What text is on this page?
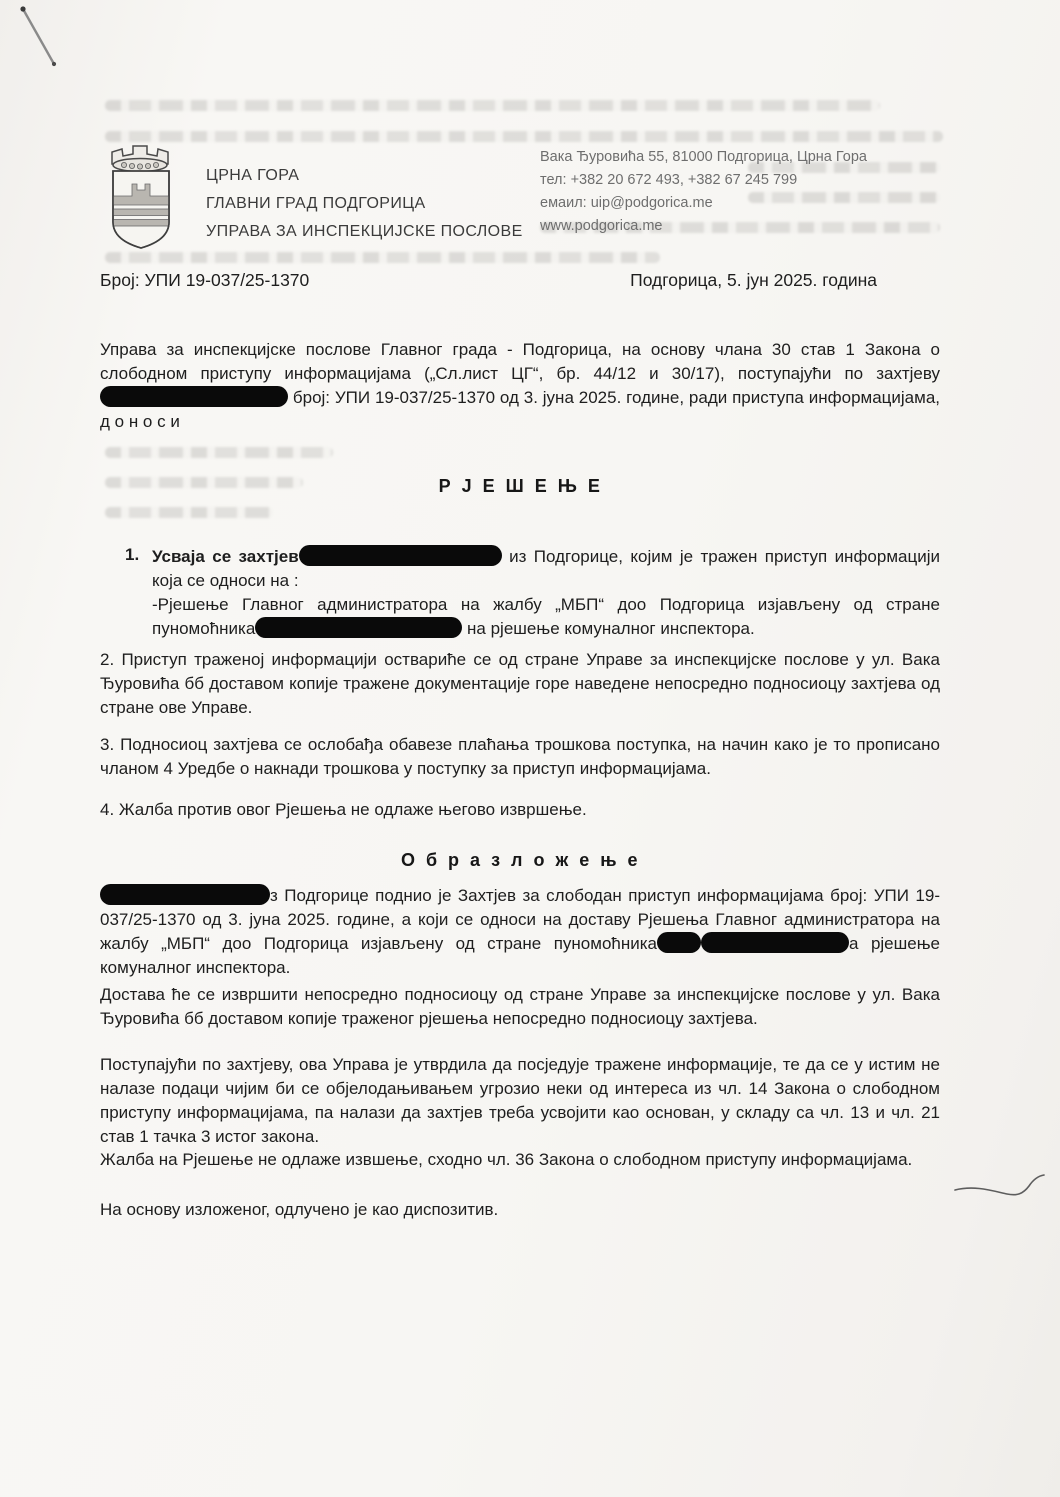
ЦРНА ГОРА
ГЛАВНИ ГРАД ПОДГОРИЦА
УПРАВА ЗА ИНСПЕКЦИЈСКЕ ПОСЛОВЕ
Вака Ђуровића 55, 81000 Подгорица, Црна Гора
тел: +382 20 672 493, +382 67 245 799
емаил: uip@podgorica.me
www.podgorica.me
Број: УПИ 19-037/25-1370	Подгорица, 5. јун 2025. година

Управа за инспекцијске послове Главног града - Подгорица, на основу члана 30 став 1 Закона о слободном приступу информацијама („Сл.лист ЦГ“, бр. 44/12 и 30/17), поступајући по захтјеву  број: УПИ 19-037/25-1370 од 3. јуна 2025. године, ради приступа информацијама, д о н о с и

Р Ј Е Ш Е Њ Е
1. Усваја се захтјев	из Подгорице, којим је тражен приступ информацији која се односи на :

-Рјешење Главног администратора на жалбу „МБП“ доо Подгорица изјављену од стране пуномоћника	на рјешење комуналног инспектора.

2. Приступ траженој информацији оствариће се од стране Управе за инспекцијске послове у ул. Вака Ђуровића бб доставом копије тражене документације горе наведене непосредно подносиоцу захтјева од стране ове Управе.

3. Подносиоц захтјева се ослобађа обавезе плаћања трошкова поступка, на начин како је то прописано чланом 4 Уредбе о накнади трошкова у поступку за приступ информацијама.

4. Жалба против овог Рјешења не одлаже његово извршење.

О б р а з л о ж е њ е

з Подгорице поднио је Захтјев за слободан приступ информацијама број: УПИ 19-037/25-1370 од 3. јуна 2025. године, а који се односи на доставу Рјешења Главног администратора на жалбу „МБП“ доо Подгорица изјављену од стране пуномоћника	а рјешење комуналног инспектора.

Достава ће се извршити непосредно подносиоцу од стране Управе за инспекцијске послове у ул. Вака Ђуровића бб доставом копије траженог рјешења непосредно подносиоцу захтјева.

Поступајући по захтјеву, ова Управа је утврдила да посједује тражене информације, те да се у истим не налазе подаци чијим би се објелодањивањем угрозио неки од интереса из чл. 14 Закона о слободном приступу информацијама, па налази да захтјев треба усвојити као основан, у складу са чл. 13 и чл. 21 став 1 тачка 3 истог закона.

Жалба на Рјешење не одлаже извшење, сходно чл. 36 Закона о слободном приступу информацијама.

На основу изложеног, одлучено је као диспозитив.
